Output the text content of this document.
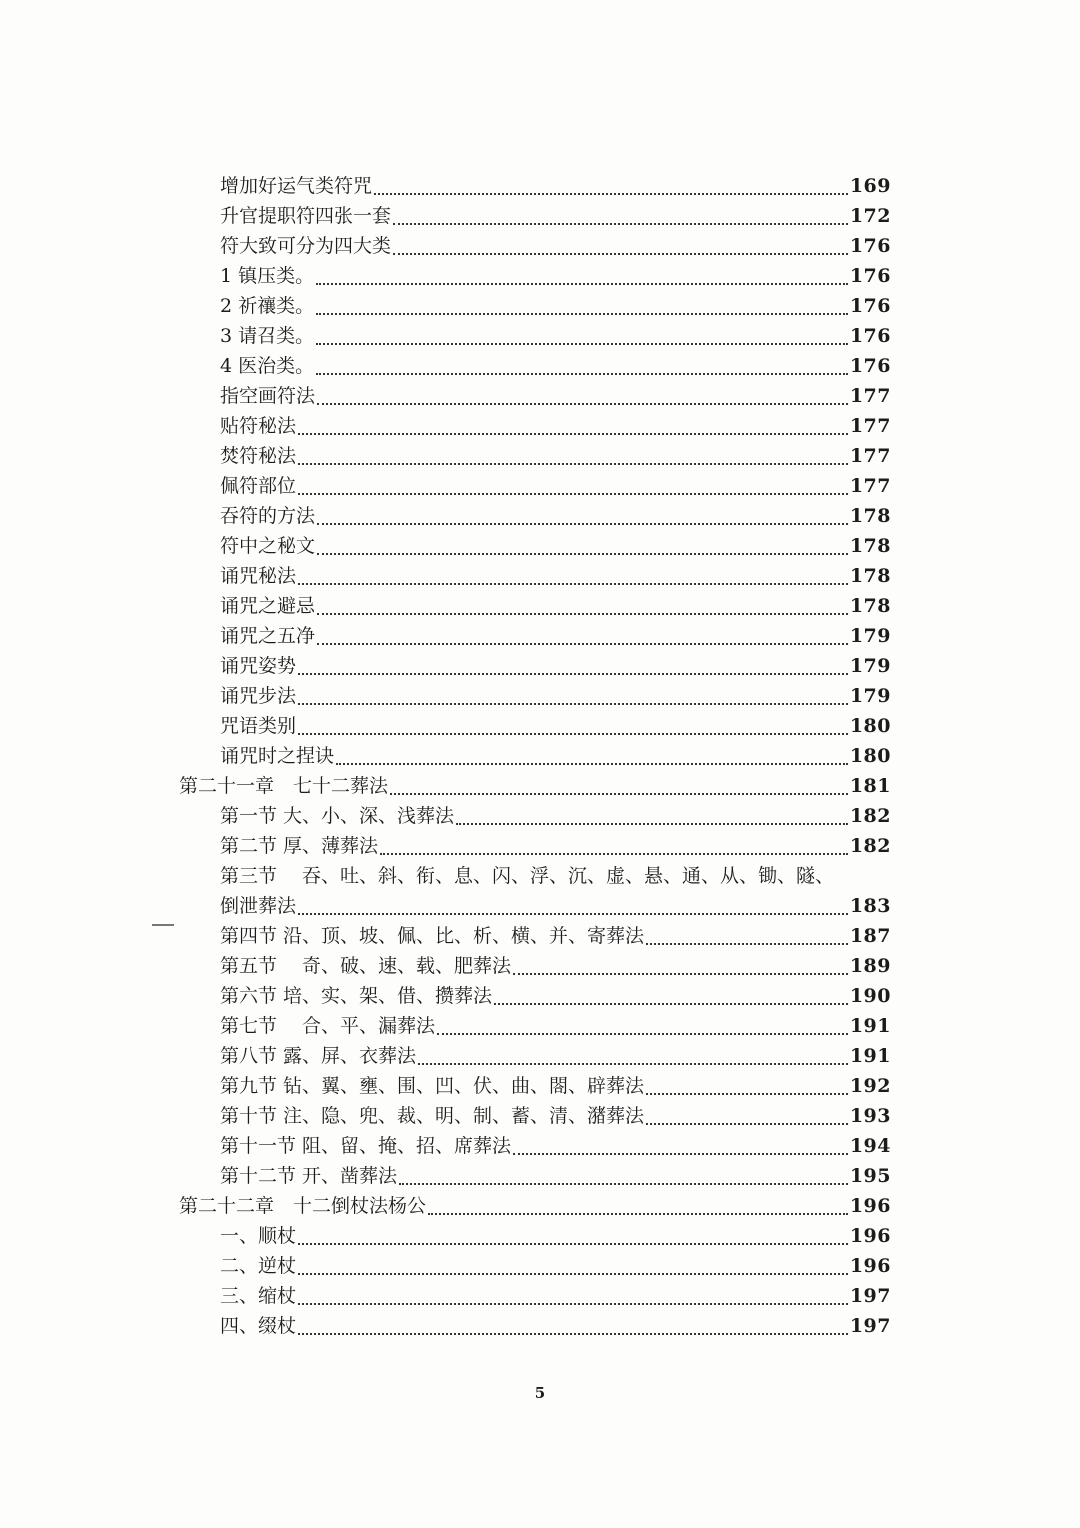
增加好运气类符咒	169
升官提职符四张一套	172
符大致可分为四大类	176
1 镇压类。	176
2 祈禳类。	176
3 请召类。	176
4 医治类。	176
指空画符法	177
贴符秘法	177
焚符秘法	177
佩符部位	177
吞符的方法	178
符中之秘文	178
诵咒秘法	178
诵咒之避忌	178
诵咒之五净	179
诵咒姿势	179
诵咒步法	179
咒语类别	180
诵咒时之捏诀	180
第二十一章　七十二葬法	181
第一节 大、小、深、浅葬法	182
第二节 厚、薄葬法	182
第三节　 吞、吐、斜、衔、息、闪、浮、沉、虚、悬、通、从、锄、隧、
倒泄葬法	183
第四节 沿、顶、坡、佩、比、析、横、并、寄葬法	187
第五节　 奇、破、速、载、肥葬法	189
第六节 培、实、架、借、攒葬法	190
第七节　 合、平、漏葬法	191
第八节 露、屏、衣葬法	191
第九节 钻、翼、壅、围、凹、伏、曲、閤、辟葬法	192
第十节 注、隐、兜、裁、明、制、蓄、清、潴葬法	193
第十一节 阻、留、掩、招、席葬法	194
第十二节 开、凿葬法	195
第二十二章　十二倒杖法杨公	196
一、顺杖	196
二、逆杖	196
三、缩杖	197
四、缀杖	197
5
